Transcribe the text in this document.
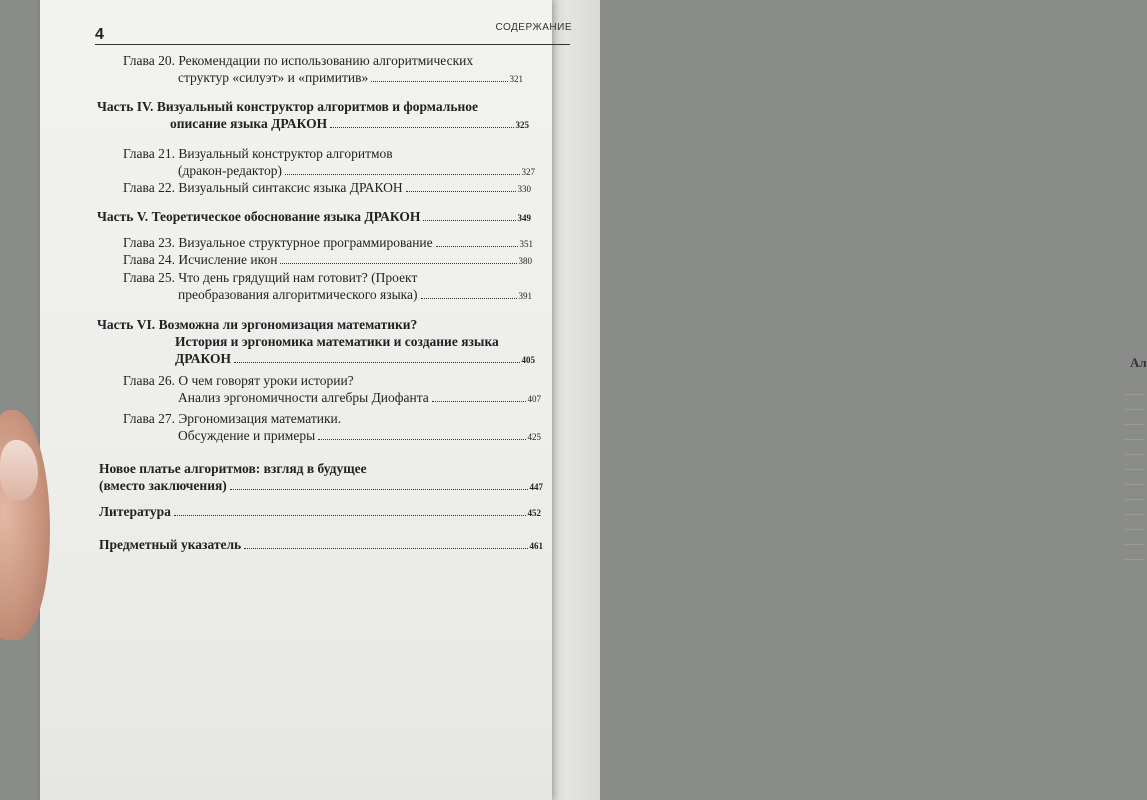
Ал
4	СОДЕРЖАНИЕ
Глава 20. Рекомендации по использованию алгоритмических
структур «силуэт» и «примитив»	321
Часть IV. Визуальный конструктор алгоритмов и формальное
описание языка ДРАКОН	325
Глава 21. Визуальный конструктор алгоритмов
(дракон-редактор)	327
Глава 22. Визуальный синтаксис языка ДРАКОН	330
Часть V. Теоретическое обоснование языка ДРАКОН	349
Глава 23. Визуальное структурное программирование	351
Глава 24. Исчисление икон	380
Глава 25. Что день грядущий нам готовит? (Проект
преобразования алгоритмического языка)	391
Часть VI. Возможна ли эргономизация математики?
История и эргономика математики и создание языка
ДРАКОН	405
Глава 26. О чем говорят уроки истории?
Анализ эргономичности алгебры Диофанта	407
Глава 27. Эргономизация математики.
Обсуждение и примеры	425
Новое платье алгоритмов: взгляд в будущее
(вместо заключения)	447
Литература	452
Предметный указатель	461
